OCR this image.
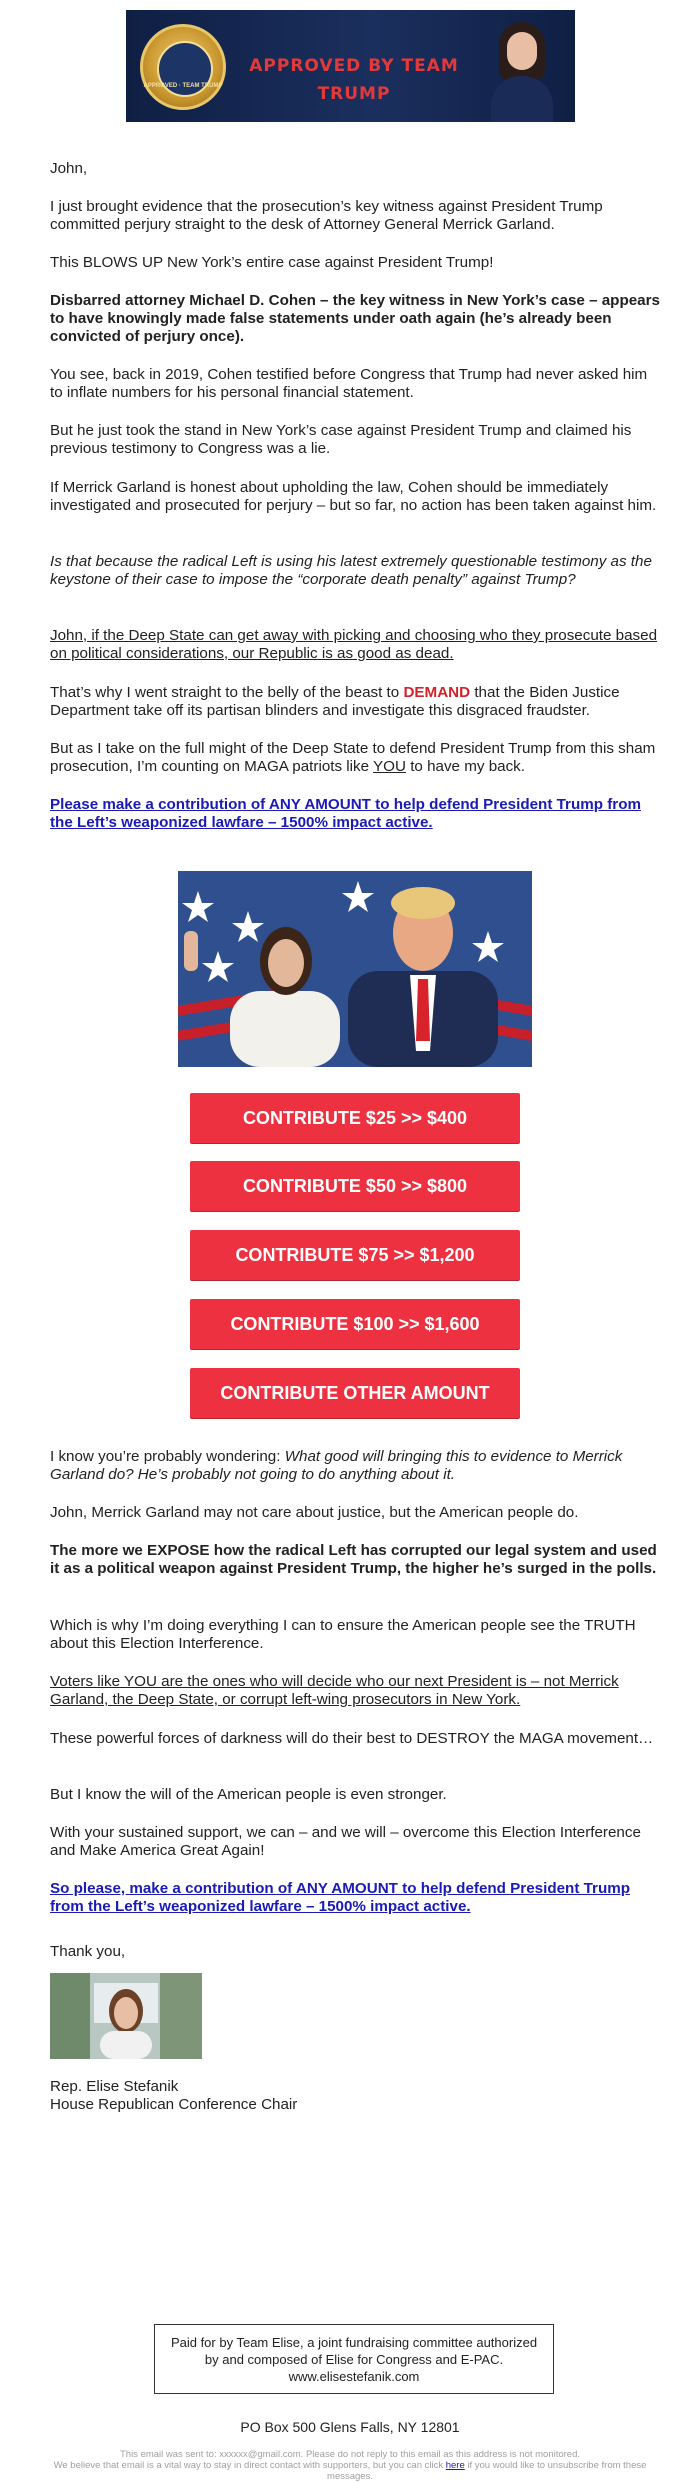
APPROVED · TEAM TRUMP
APPROVED BY TEAM TRUMP

John,

I just brought evidence that the prosecution’s key witness against President Trump committed perjury straight to the desk of Attorney General Merrick Garland.

This BLOWS UP New York’s entire case against President Trump!

Disbarred attorney Michael D. Cohen – the key witness in New York’s case – appears to have knowingly made false statements under oath again (he’s already been convicted of perjury once).

You see, back in 2019, Cohen testified before Congress that Trump had never asked him to inflate numbers for his personal financial statement.

But he just took the stand in New York’s case against President Trump and claimed his previous testimony to Congress was a lie.

If Merrick Garland is honest about upholding the law, Cohen should be immediately investigated and prosecuted for perjury – but so far, no action has been taken against him.

Is that because the radical Left is using his latest extremely questionable testimony as the keystone of their case to impose the “corporate death penalty” against Trump?

John, if the Deep State can get away with picking and choosing who they prosecute based on political considerations, our Republic is as good as dead.

That’s why I went straight to the belly of the beast to DEMAND that the Biden Justice Department take off its partisan blinders and investigate this disgraced fraudster.

But as I take on the full might of the Deep State to defend President Trump from this sham prosecution, I’m counting on MAGA patriots like YOU to have my back.

Please make a contribution of ANY AMOUNT to help defend President Trump from the Left’s weaponized lawfare – 1500% impact active.

CONTRIBUTE $25 >> $400
CONTRIBUTE $50 >> $800
CONTRIBUTE $75 >> $1,200
CONTRIBUTE $100 >> $1,600
CONTRIBUTE OTHER AMOUNT

I know you’re probably wondering: What good will bringing this to evidence to Merrick Garland do? He’s probably not going to do anything about it.

John, Merrick Garland may not care about justice, but the American people do.

The more we EXPOSE how the radical Left has corrupted our legal system and used it as a political weapon against President Trump, the higher he’s surged in the polls.

Which is why I’m doing everything I can to ensure the American people see the TRUTH about this Election Interference.

Voters like YOU are the ones who will decide who our next President is – not Merrick Garland, the Deep State, or corrupt left-wing prosecutors in New York.

These powerful forces of darkness will do their best to DESTROY the MAGA movement…

But I know the will of the American people is even stronger.

With your sustained support, we can – and we will – overcome this Election Interference and Make America Great Again!

So please, make a contribution of ANY AMOUNT to help defend President Trump from the Left’s weaponized lawfare – 1500% impact active.

Thank you,

Rep. Elise Stefanik

House Republican Conference Chair

Paid for by Team Elise, a joint fundraising committee authorized by and composed of Elise for Congress and E-PAC. www.elisestefanik.com
PO Box 500 Glens Falls, NY 12801
This email was sent to: xxxxxx@gmail.com. Please do not reply to this email as this address is not monitored.
We believe that email is a vital way to stay in direct contact with supporters, but you can click here if you would like to unsubscribe from these messages.
